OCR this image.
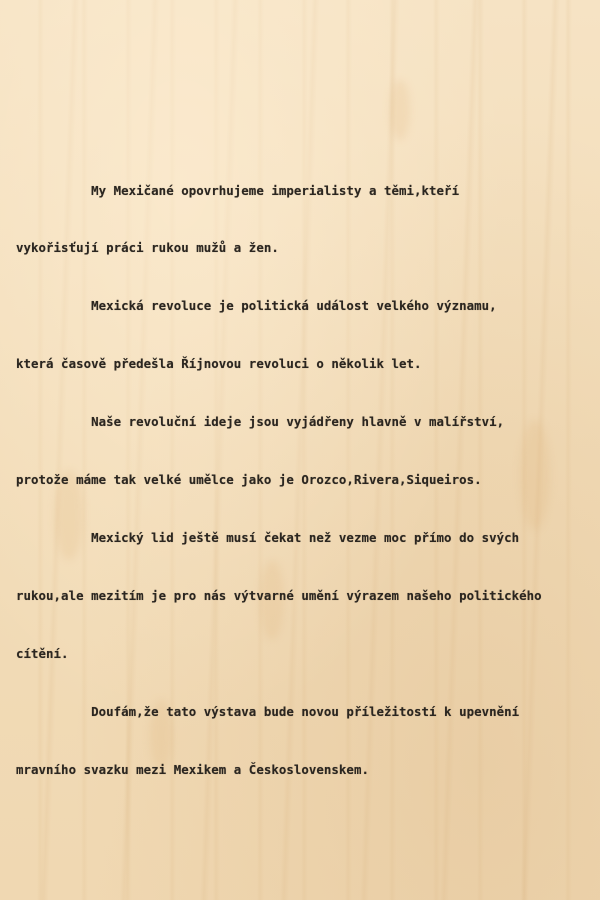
My Mexičané opovrhujeme imperialisty a těmi,kteří

vykořisťují práci rukou mužů a žen.

Mexická revoluce je politická událost velkého významu,

která časově předešla Říjnovou revoluci o několik let.

Naše revoluční ideje jsou vyjádřeny hlavně v malířství,

protože máme tak velké umělce jako je Orozco,Rivera,Siqueiros.

Mexický lid ještě musí čekat než vezme moc přímo do svých

rukou,ale mezitím je pro nás výtvarné umění výrazem našeho politického

cítění.

Doufám,že tato výstava bude novou příležitostí k upevnění

mravního svazku mezi Mexikem a Československem.
